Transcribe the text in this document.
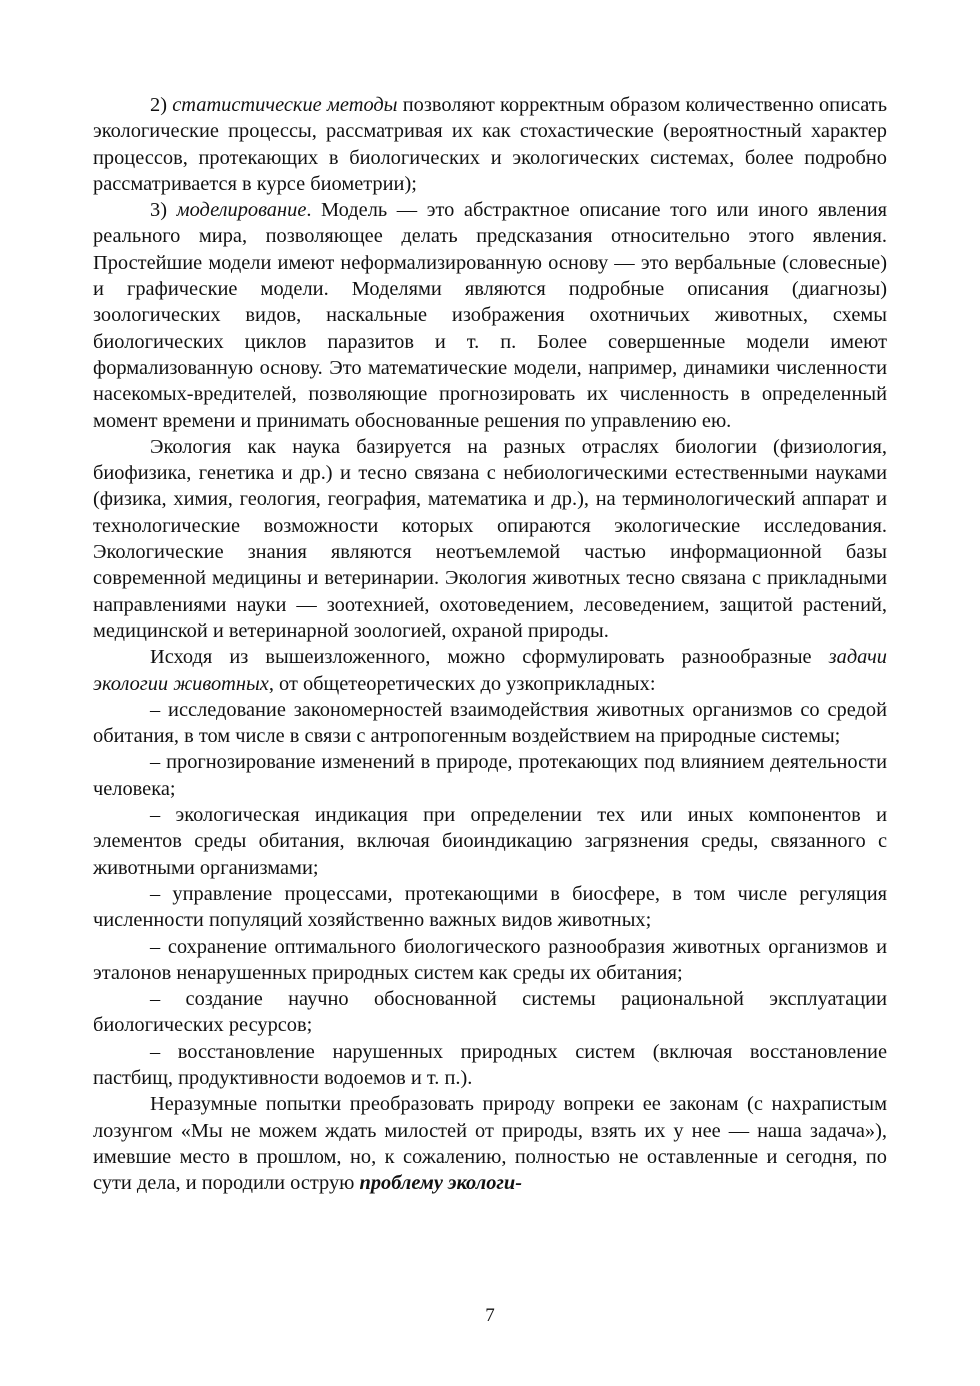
2) статистические методы позволяют корректным образом количественно описать экологические процессы, рассматривая их как стохастические (вероятностный характер процессов, протекающих в биологических и экологических системах, более подробно рассматривается в курсе биометрии);

3) моделирование. Модель — это абстрактное описание того или иного явления реального мира, позволяющее делать предсказания относительно этого явления. Простейшие модели имеют неформализированную основу — это вербальные (словесные) и графические модели. Моделями являются подробные описания (диагнозы) зоологических видов, наскальные изображения охотничьих животных, схемы биологических циклов паразитов и т. п. Более совершенные модели имеют формализованную основу. Это математические модели, например, динамики численности насекомых-вредителей, позволяющие прогнозировать их численность в определенный момент времени и принимать обоснованные решения по управлению ею.

Экология как наука базируется на разных отраслях биологии (физиология, биофизика, генетика и др.) и тесно связана с небиологическими естественными науками (физика, химия, геология, география, математика и др.), на терминологический аппарат и технологические возможности которых опираются экологические исследования. Экологические знания являются неотъемлемой частью информационной базы современной медицины и ветеринарии. Экология животных тесно связана с прикладными направлениями науки — зоотехнией, охотоведением, лесоведением, защитой растений, медицинской и ветеринарной зоологией, охраной природы.

Исходя из вышеизложенного, можно сформулировать разнообразные задачи экологии животных, от общетеоретических до узкоприкладных:

– исследование закономерностей взаимодействия животных организмов со средой обитания, в том числе в связи с антропогенным воздействием на природные системы;

– прогнозирование изменений в природе, протекающих под влиянием деятельности человека;

– экологическая индикация при определении тех или иных компонентов и элементов среды обитания, включая биоиндикацию загрязнения среды, связанного с животными организмами;

– управление процессами, протекающими в биосфере, в том числе регуляция численности популяций хозяйственно важных видов животных;

– сохранение оптимального биологического разнообразия животных организмов и эталонов ненарушенных природных систем как среды их обитания;

– создание научно обоснованной системы рациональной эксплуатации биологических ресурсов;

– восстановление нарушенных природных систем (включая восстановление пастбищ, продуктивности водоемов и т. п.).

Неразумные попытки преобразовать природу вопреки ее законам (с нахрапистым лозунгом «Мы не можем ждать милостей от природы, взять их у нее — наша задача»), имевшие место в прошлом, но, к сожалению, полностью не оставленные и сегодня, по сути дела, и породили острую проблему экологи-

7
